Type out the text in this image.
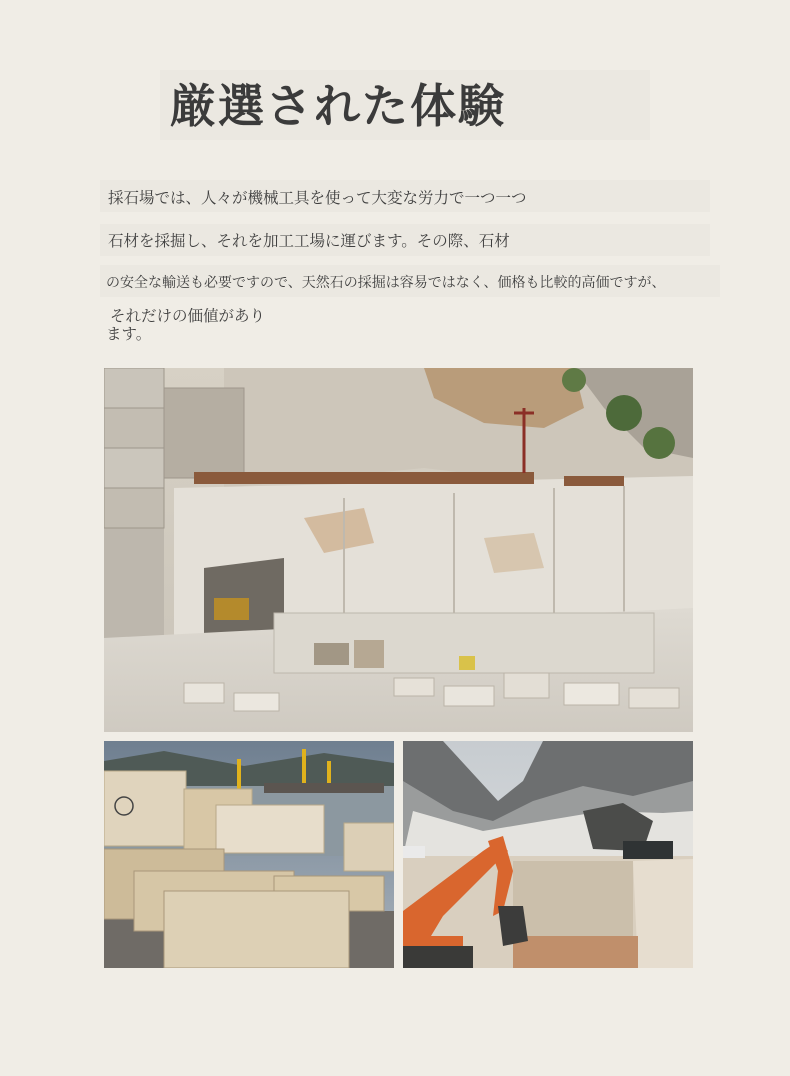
厳選された体験
採石場では、人々が機械工具を使って大変な労力で一つ一つ
石材を採掘し、それを加工工場に運びます。その際、石材
の安全な輸送も必要ですので、天然石の採掘は容易ではなく、価格も比較的高価ですが、
それだけの価値があり
ます。
